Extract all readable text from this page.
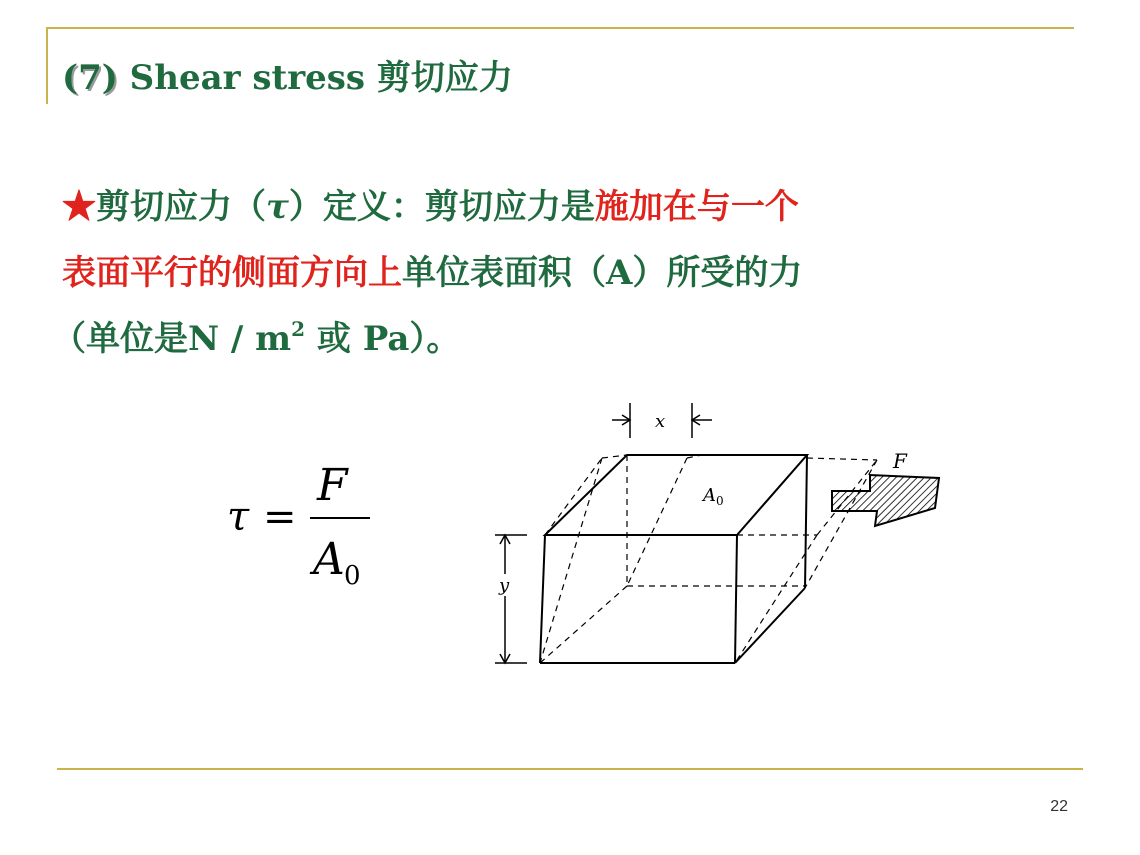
(7) Shear stress 剪切应力
★剪切应力（τ）定义：剪切应力是施加在与一个
表面平行的侧面方向上单位表面积（A）所受的力
（单位是N / $m^2$ 或 Pa）。
τ =
F
A 0
x
y
A 0
F
22
